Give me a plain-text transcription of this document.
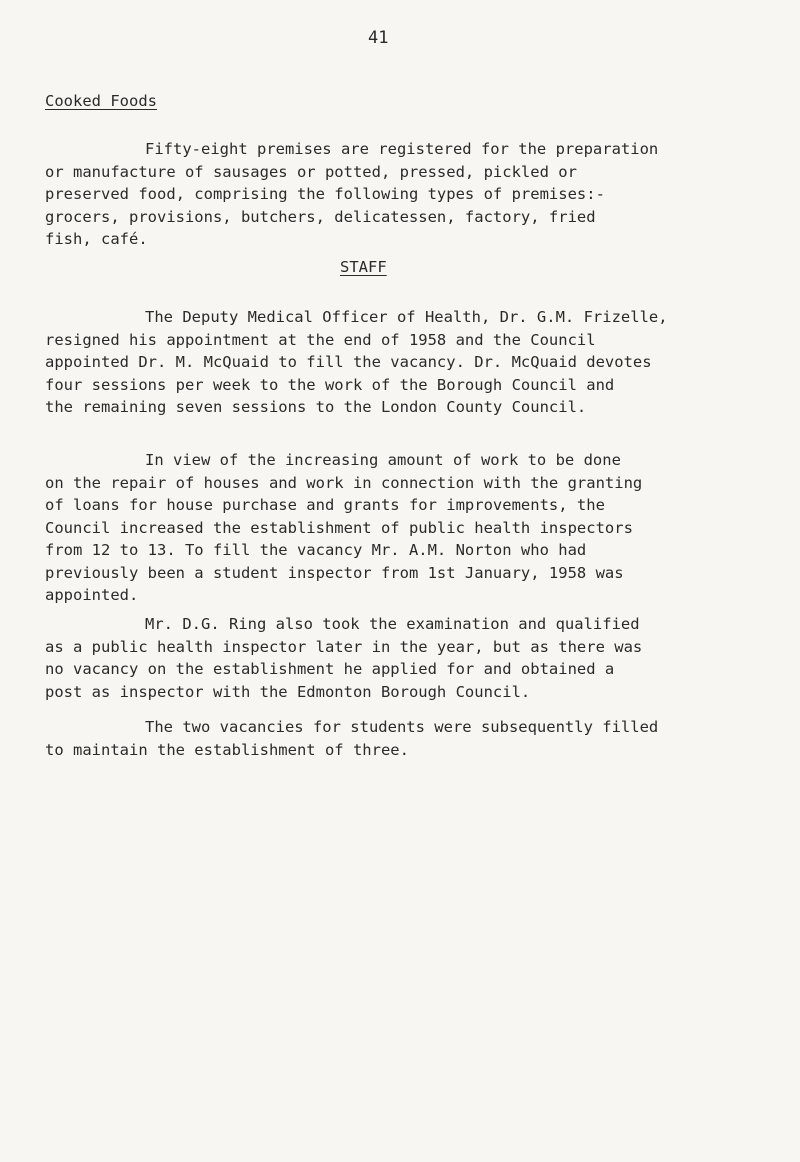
41
Cooked Foods

Fifty-eight premises are registered for the preparation
or manufacture of sausages or potted, pressed, pickled or
preserved food, comprising the following types of premises:-
grocers, provisions, butchers, delicatessen, factory, fried
fish, café.

STAFF

The Deputy Medical Officer of Health, Dr. G.M. Frizelle,
resigned his appointment at the end of 1958 and the Council
appointed Dr. M. McQuaid to fill the vacancy. Dr. McQuaid devotes
four sessions per week to the work of the Borough Council and
the remaining seven sessions to the London County Council.

In view of the increasing amount of work to be done
on the repair of houses and work in connection with the granting
of loans for house purchase and grants for improvements, the
Council increased the establishment of public health inspectors
from 12 to 13. To fill the vacancy Mr. A.M. Norton who had
previously been a student inspector from 1st January, 1958 was
appointed.

Mr. D.G. Ring also took the examination and qualified
as a public health inspector later in the year, but as there was
no vacancy on the establishment he applied for and obtained a
post as inspector with the Edmonton Borough Council.

The two vacancies for students were subsequently filled
to maintain the establishment of three.
